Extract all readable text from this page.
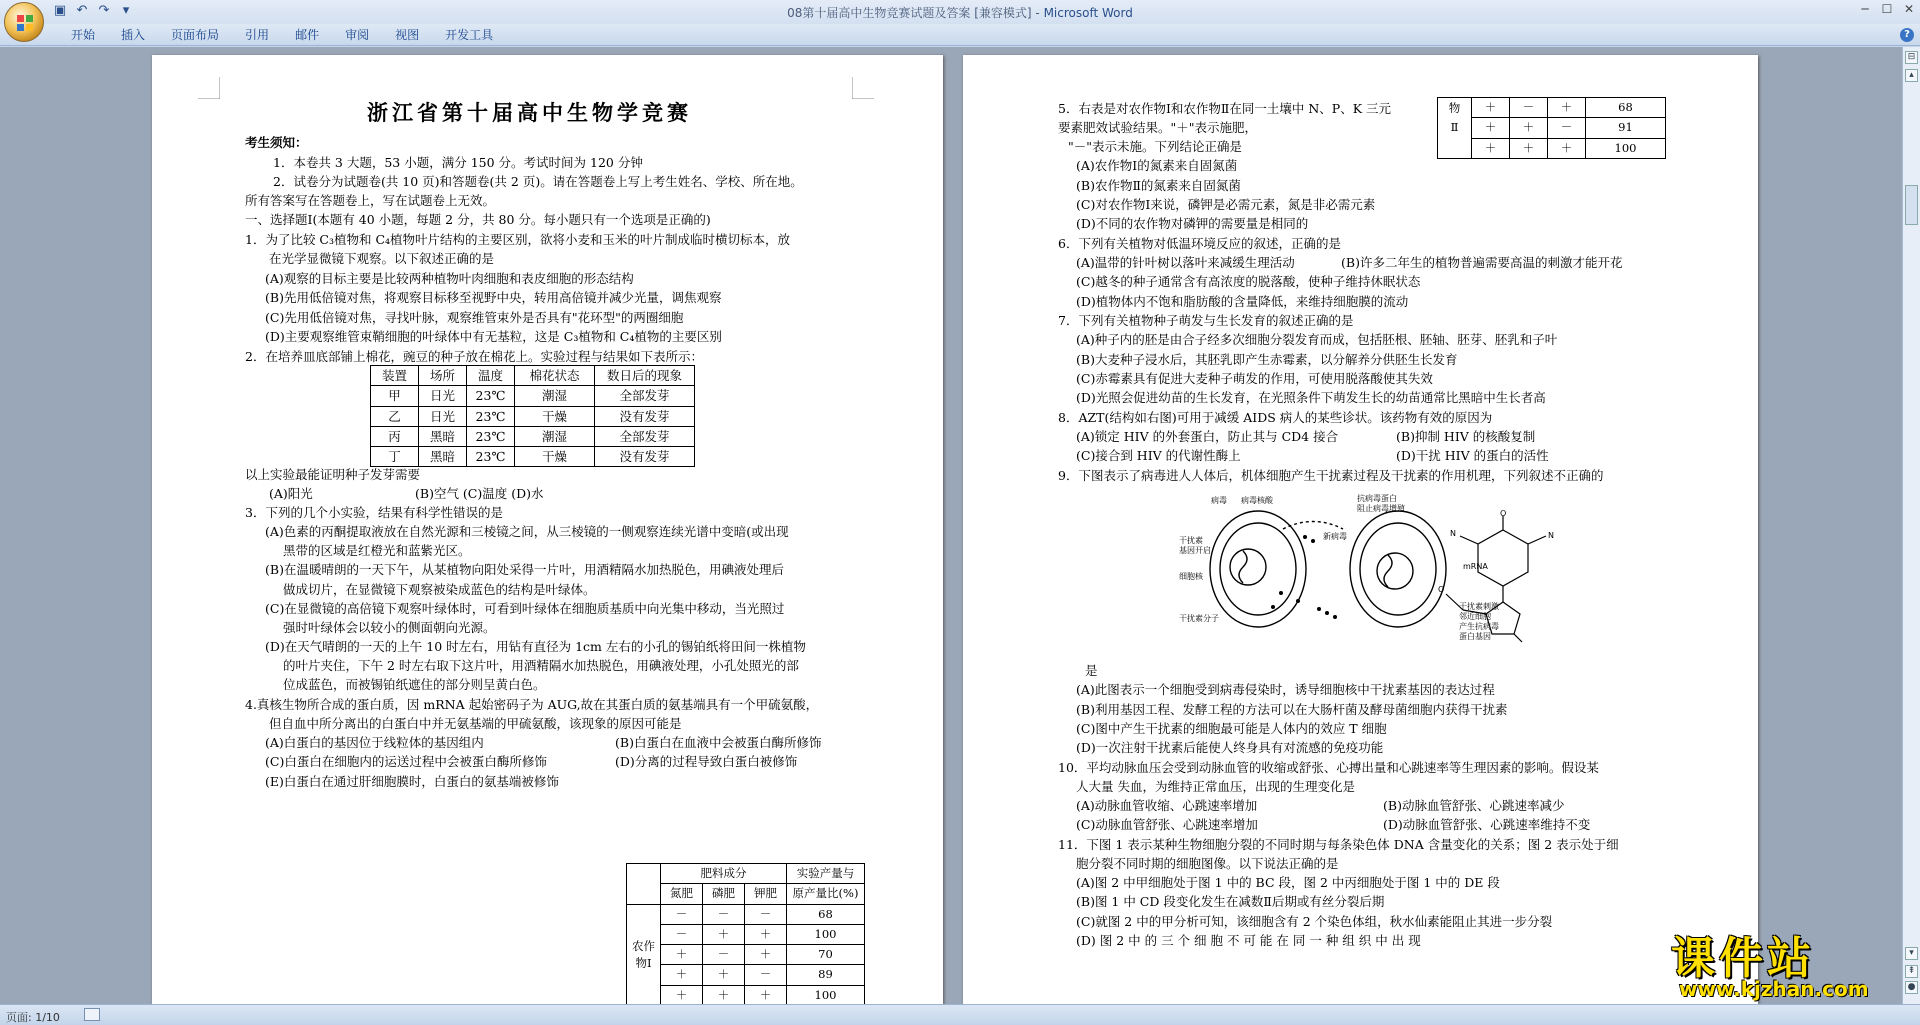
08第十届高中生物竞赛试题及答案 [兼容模式] - Microsoft Word
▣ ↶ ↷	▾	─ ☐ ✕
开始	插入	页面布局	引用	邮件	审阅	视图	开发工具	?
浙江省第十届高中生物学竞赛
考生须知：
1．本卷共 3 大题，53 小题，满分 150 分。考试时间为 120 分钟
2．试卷分为试题卷(共 10 页)和答题卷(共 2 页)。请在答题卷上写上考生姓名、学校、所在地。
所有答案写在答题卷上，写在试题卷上无效。
一、选择题Ⅰ(本题有 40 小题，每题 2 分，共 80 分。每小题只有一个选项是正确的)
1．为了比较 C₃植物和 C₄植物叶片结构的主要区别，欲将小麦和玉米的叶片制成临时横切标本，放
在光学显微镜下观察。以下叙述正确的是
(A)观察的目标主要是比较两种植物叶肉细胞和表皮细胞的形态结构
(B)先用低倍镜对焦，将观察目标移至视野中央，转用高倍镜并减少光量，调焦观察
(C)先用低倍镜对焦，寻找叶脉，观察维管束外是否具有"花环型"的两圈细胞
(D)主要观察维管束鞘细胞的叶绿体中有无基粒，这是 C₃植物和 C₄植物的主要区别
2．在培养皿底部铺上棉花，豌豆的种子放在棉花上。实验过程与结果如下表所示：
装置	场所	温度	棉花状态	数日后的现象
甲	日光	23℃	潮湿	全部发芽
乙	日光	23℃	干燥	没有发芽
丙	黑暗	23℃	潮湿	全部发芽
丁	黑暗	23℃	干燥	没有发芽
以上实验最能证明种子发芽需要
(A)阳光	(B)空气 (C)温度 (D)水
3．下列的几个小实验，结果有科学性错误的是
(A)色素的丙酮提取液放在自然光源和三棱镜之间，从三棱镜的一侧观察连续光谱中变暗(或出现
黑带的区域是红橙光和蓝紫光区。
(B)在温暖晴朗的一天下午，从某植物向阳处采得一片叶，用酒精隔水加热脱色，用碘液处理后
做成切片，在显微镜下观察被染成蓝色的结构是叶绿体。
(C)在显微镜的高倍镜下观察叶绿体时，可看到叶绿体在细胞质基质中向光集中移动，当光照过
强时叶绿体会以较小的侧面朝向光源。
(D)在天气晴朗的一天的上午 10 时左右，用钻有直径为 1cm 左右的小孔的锡铂纸将田间一株植物
的叶片夹住，下午 2 时左右取下这片叶，用酒精隔水加热脱色，用碘液处理，小孔处照光的部
位成蓝色，而被锡铂纸遮住的部分则呈黄白色。
4.真核生物所合成的蛋白质，因 mRNA 起始密码子为 AUG,故在其蛋白质的氨基端具有一个甲硫氨酸，
但自血中所分离出的白蛋白中并无氨基端的甲硫氨酸，该现象的原因可能是
(A)白蛋白的基因位于线粒体的基因组内	(B)白蛋白在血液中会被蛋白酶所修饰
(C)白蛋白在细胞内的运送过程中会被蛋白酶所修饰	(D)分离的过程导致白蛋白被修饰
(E)白蛋白在通过肝细胞膜时，白蛋白的氨基端被修饰
	肥料成分			实验产量与
	氮肥	磷肥	钾肥	原产量比(%)
农作物Ⅰ	－	－	－	68
	－	＋	＋	100
	＋	－	＋	70
	＋	＋	－	89
	＋	＋	＋	100
5．右表是对农作物Ⅰ和农作物Ⅱ在同一土壤中 N、P、K 三元
要素肥效试验结果。"＋"表示施肥，
"－"表示未施。下列结论正确是
物
Ⅱ	＋	－	＋	68
	＋	＋	－	91
	＋	＋	＋	100
(A)农作物Ⅰ的氮素来自固氮菌
(B)农作物Ⅱ的氮素来自固氮菌
(C)对农作物Ⅰ来说，磷钾是必需元素，氮是非必需元素
(D)不同的农作物对磷钾的需要量是相同的
6．下列有关植物对低温环境反应的叙述，正确的是
(A)温带的针叶树以落叶来减缓生理活动	(B)许多二年生的植物普遍需要高温的刺激才能开花
(C)越冬的种子通常含有高浓度的脱落酸，使种子维持休眠状态
(D)植物体内不饱和脂肪酸的含量降低，来维持细胞膜的流动
7．下列有关植物种子萌发与生长发育的叙述正确的是
(A)种子内的胚是由合子经多次细胞分裂发育而成，包括胚根、胚轴、胚芽、胚乳和子叶
(B)大麦种子浸水后，其胚乳即产生赤霉素，以分解养分供胚生长发育
(C)赤霉素具有促进大麦种子萌发的作用，可使用脱落酸使其失效
(D)光照会促进幼苗的生长发育，在光照条件下萌发生长的幼苗通常比黑暗中生长者高
8．AZT(结构如右图)可用于减缓 AIDS 病人的某些诊状。该药物有效的原因为
(A)锁定 HIV 的外套蛋白，防止其与 CD4 接合	(B)抑制 HIV 的核酸复制
(C)接合到 HIV 的代谢性酶上	(D)干扰 HIV 的蛋白的活性
9．下图表示了病毒进人人体后，机体细胞产生干扰素过程及干扰素的作用机理，下列叙述不正确的
病毒 病毒核酸	抗病毒蛋白
阻止病毒增殖
干扰素
基因开启
细胞核
新病毒
mRNA
干扰素分子
干扰素刺激
邻近细胞
产生抗病毒
蛋白基因
O
N
N
O
是
(A)此图表示一个细胞受到病毒侵染时，诱导细胞核中干扰素基因的表达过程
(B)利用基因工程、发酵工程的方法可以在大肠杆菌及酵母菌细胞内获得干扰素
(C)图中产生干扰素的细胞最可能是人体内的效应 T 细胞
(D)一次注射干扰素后能使人终身具有对流感的免疫功能
10．平均动脉血压会受到动脉血管的收缩或舒张、心搏出量和心跳速率等生理因素的影响。假设某
人大量 失血，为维持正常血压，出现的生理变化是
(A)动脉血管收缩、心跳速率增加	(B)动脉血管舒张、心跳速率减少
(C)动脉血管舒张、心跳速率增加	(D)动脉血管舒张、心跳速率维持不变
11．下图 1 表示某种生物细胞分裂的不同时期与每条染色体 DNA 含量变化的关系；图 2 表示处于细
胞分裂不同时期的细胞图像。以下说法正确的是
(A)图 2 中甲细胞处于图 1 中的 BC 段，图 2 中丙细胞处于图 1 中的 DE 段
(B)图 1 中 CD 段变化发生在减数Ⅱ后期或有丝分裂后期
(C)就图 2 中的甲分析可知，该细胞含有 2 个染色体组，秋水仙素能阻止其进一步分裂
(D) 图 2 中 的 三 个 细 胞 不 可 能 在 同 一 种 组 织 中 出 现
⊟
▴
▾
⇞
●
页面: 1/10
课件站
www.kjzhan.com
